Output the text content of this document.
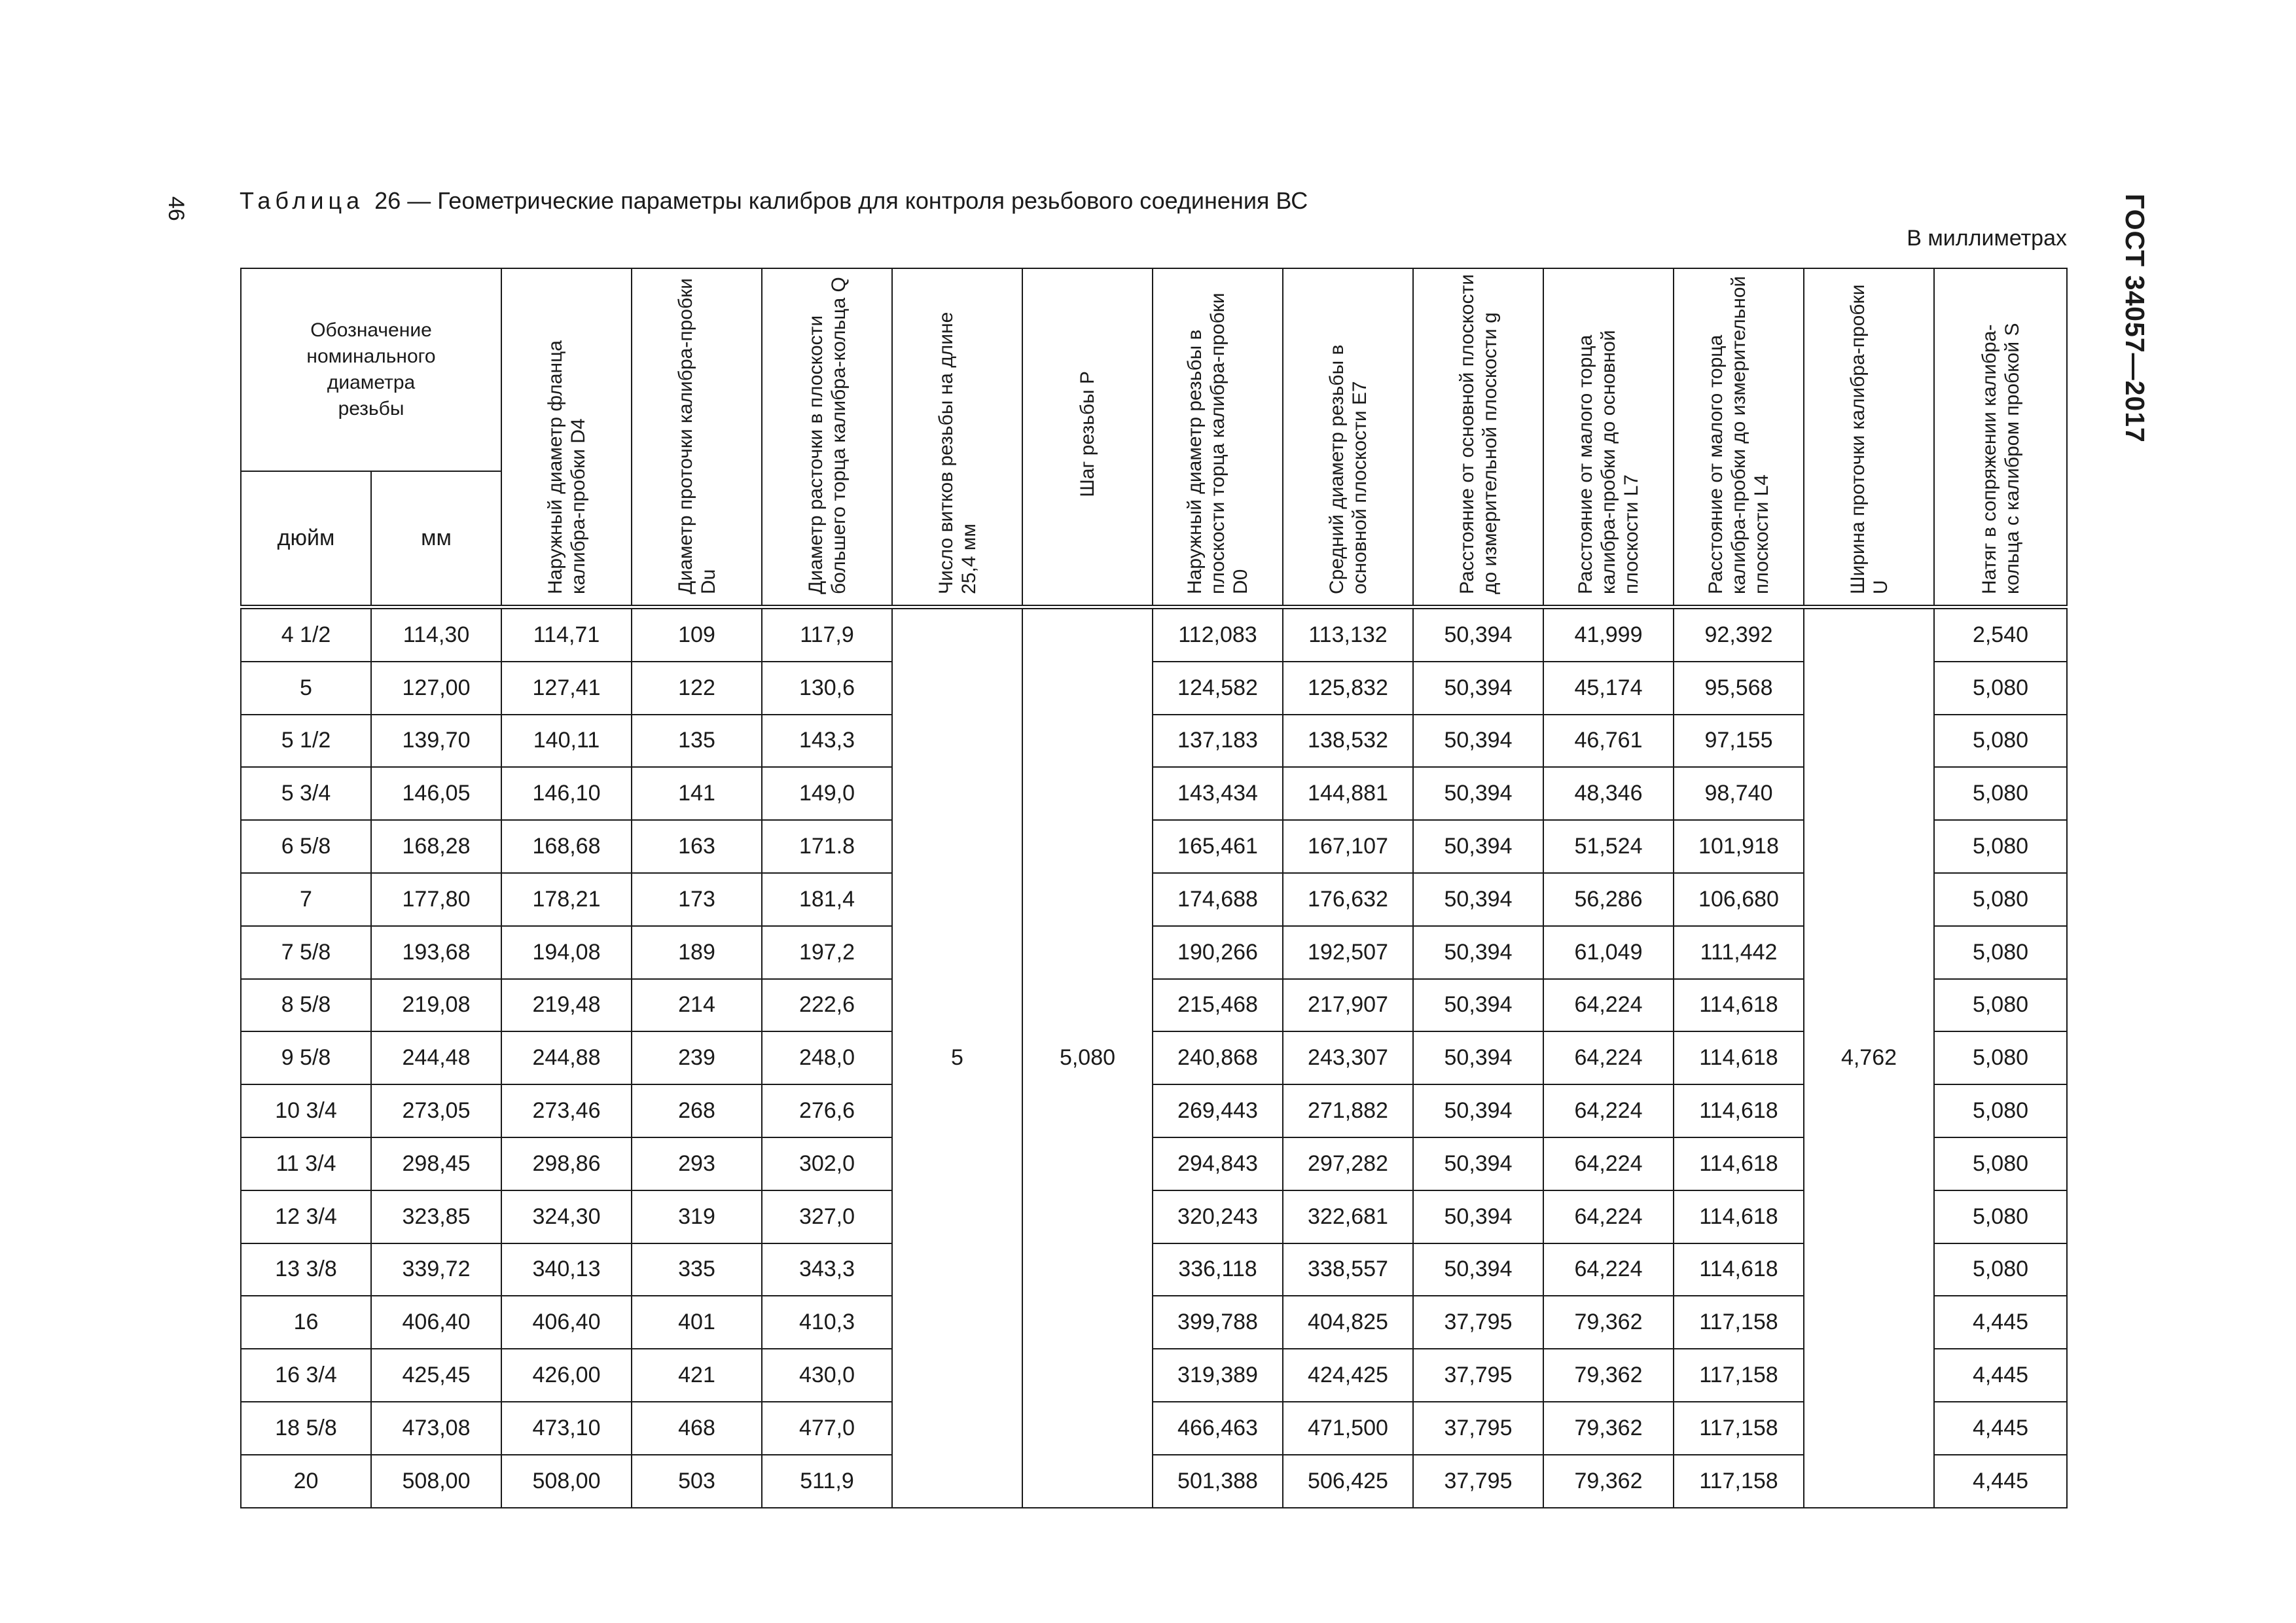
46	ГОСТ 34057—2017
Таблица 26 — Геометрические параметры калибров для контроля резьбового соединения ВС
В миллиметрах
Обозначение номинального диаметра резьбы		Наружный диаметр фланца калибра-пробки D4	Диаметр проточки калибра-пробки Du	Диаметр расточки в плоскости большего торца калибра-кольца Q	Число витков резьбы на длине 25,4 мм	Шаг резьбы P	Наружный диаметр резьбы в плоскости торца калибра-пробки D0	Средний диаметр резьбы в основной плоскости E7	Расстояние от основной плоскости до измерительной плоскости g	Расстояние от малого торца калибра-пробки до основной плоскости L7	Расстояние от малого торца калибра-пробки до измерительной плоскости L4	Ширина проточки калибра-пробки U	Натяг в сопряжении калибра-кольца с калибром пробкой S
дюйм	мм												
4 1/2	114,30	114,71	109	117,9	5	5,080	112,083	113,132	50,394	41,999	92,392	4,762	2,540
5	127,00	127,41	122	130,6			124,582	125,832	50,394	45,174	95,568		5,080
5 1/2	139,70	140,11	135	143,3			137,183	138,532	50,394	46,761	97,155		5,080
5 3/4	146,05	146,10	141	149,0			143,434	144,881	50,394	48,346	98,740		5,080
6 5/8	168,28	168,68	163	171.8			165,461	167,107	50,394	51,524	101,918		5,080
7	177,80	178,21	173	181,4			174,688	176,632	50,394	56,286	106,680		5,080
7 5/8	193,68	194,08	189	197,2			190,266	192,507	50,394	61,049	111,442		5,080
8 5/8	219,08	219,48	214	222,6			215,468	217,907	50,394	64,224	114,618		5,080
9 5/8	244,48	244,88	239	248,0			240,868	243,307	50,394	64,224	114,618		5,080
10 3/4	273,05	273,46	268	276,6			269,443	271,882	50,394	64,224	114,618		5,080
11 3/4	298,45	298,86	293	302,0			294,843	297,282	50,394	64,224	114,618		5,080
12 3/4	323,85	324,30	319	327,0			320,243	322,681	50,394	64,224	114,618		5,080
13 3/8	339,72	340,13	335	343,3			336,118	338,557	50,394	64,224	114,618		5,080
16	406,40	406,40	401	410,3			399,788	404,825	37,795	79,362	117,158		4,445
16 3/4	425,45	426,00	421	430,0			319,389	424,425	37,795	79,362	117,158		4,445
18 5/8	473,08	473,10	468	477,0			466,463	471,500	37,795	79,362	117,158		4,445
20	508,00	508,00	503	511,9			501,388	506,425	37,795	79,362	117,158		4,445
